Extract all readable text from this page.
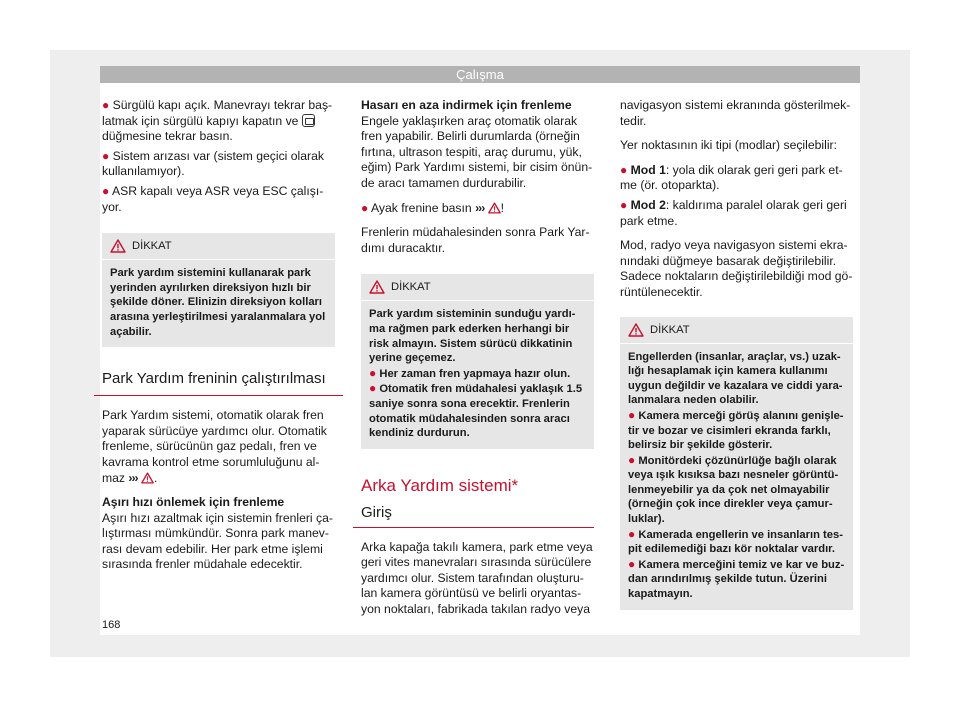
Çalışma

● Sürgülü kapı açık. Manevrayı tekrar baş-latmak için sürgülü kapıyı kapatın ve
düğmesine tekrar basın.

● Sistem arızası var (sistem geçici olarak kullanılamıyor).

● ASR kapalı veya ASR veya ESC çalışı-yor.

DİKKAT

Park yardım sistemini kullanarak park yerinden ayrılırken direksiyon hızlı bir şekilde döner. Elinizin direksiyon kolları arasına yerleştirilmesi yaralanmalara yol açabilir.

Park Yardım freninin çalıştırılması

Park Yardım sistemi, otomatik olarak fren yaparak sürücüye yardımcı olur. Otomatik frenleme, sürücünün gaz pedalı, fren ve kavrama kontrol etme sorumluluğunu al-maz ››› .

Aşırı hızı önlemek için frenleme

Aşırı hızı azaltmak için sistemin frenleri ça-lıştırması mümkündür. Sonra park manev-rası devam edebilir. Her park etme işlemi sırasında frenler müdahale edecektir.

Hasarı en aza indirmek için frenleme

Engele yaklaşırken araç otomatik olarak fren yapabilir. Belirli durumlarda (örneğin fırtına, ultrason tespiti, araç durumu, yük, eğim) Park Yardımı sistemi, bir cisim önün-de aracı tamamen durdurabilir.

● Ayak frenine basın ››› !

Frenlerin müdahalesinden sonra Park Yar-dımı duracaktır.

DİKKAT

Park yardım sisteminin sunduğu yardı-ma rağmen park ederken herhangi bir risk almayın. Sistem sürücü dikkatinin yerine geçemez.

● Her zaman fren yapmaya hazır olun.

● Otomatik fren müdahalesi yaklaşık 1.5 saniye sonra sona erecektir. Frenlerin otomatik müdahalesinden sonra aracı kendiniz durdurun.

Arka Yardım sistemi*
Giriş

Arka kapağa takılı kamera, park etme veya geri vites manevraları sırasında sürücülere yardımcı olur. Sistem tarafından oluşturu-lan kamera görüntüsü ve belirli oryantas-yon noktaları, fabrikada takılan radyo veya

navigasyon sistemi ekranında gösterilmek-tedir.

Yer noktasının iki tipi (modlar) seçilebilir:

● Mod 1: yola dik olarak geri geri park et-me (ör. otoparkta).

● Mod 2: kaldırıma paralel olarak geri geri park etme.

Mod, radyo veya navigasyon sistemi ekra-nındaki düğmeye basarak değiştirilebilir. Sadece noktaların değiştirilebildiği mod gö-rüntülenecektir.

DİKKAT

Engellerden (insanlar, araçlar, vs.) uzak-lığı hesaplamak için kamera kullanımı uygun değildir ve kazalara ve ciddi yara-lanmalara neden olabilir.

● Kamera merceği görüş alanını genişle-tir ve bozar ve cisimleri ekranda farklı, belirsiz bir şekilde gösterir.

● Monitördeki çözünürlüğe bağlı olarak veya ışık kısıksa bazı nesneler görüntü-lenmeyebilir ya da çok net olmayabilir (örneğin çok ince direkler veya çamur-luklar).

● Kamerada engellerin ve insanların tes-pit edilemediği bazı kör noktalar vardır.

● Kamera merceğini temiz ve kar ve buz-dan arındırılmış şekilde tutun. Üzerini kapatmayın.

168
